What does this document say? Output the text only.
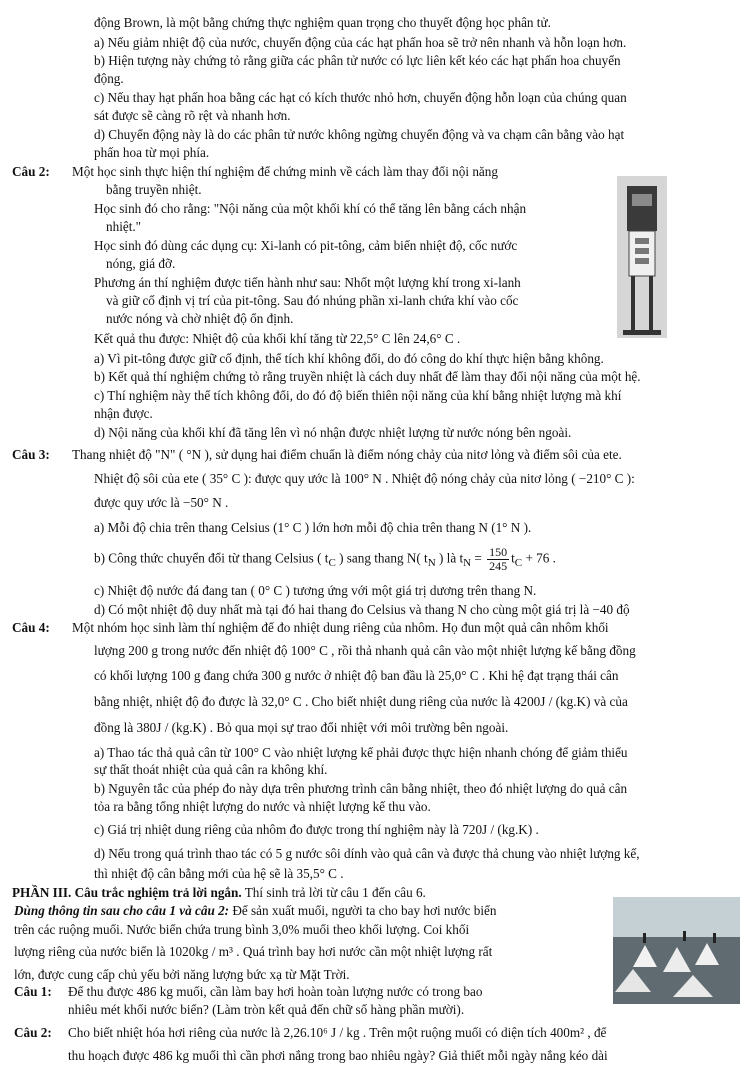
động Brown, là một bằng chứng thực nghiệm quan trọng cho thuyết động học phân tử.
a) Nếu giảm nhiệt độ của nước, chuyển động của các hạt phấn hoa sẽ trở nên nhanh và hỗn loạn hơn.
b) Hiện tượng này chứng tỏ rằng giữa các phân tử nước có lực liên kết kéo các hạt phấn hoa chuyển
động.
c) Nếu thay hạt phấn hoa bằng các hạt có kích thước nhỏ hơn, chuyển động hỗn loạn của chúng quan
sát được sẽ càng rõ rệt và nhanh hơn.
d) Chuyển động này là do các phân tử nước không ngừng chuyển động và va chạm cân bằng vào hạt
phấn hoa từ mọi phía.
Câu 2: Một học sinh thực hiện thí nghiệm để chứng minh về cách làm thay đổi nội năng
bằng truyền nhiệt.
Học sinh đó cho rằng: "Nội năng của một khối khí có thể tăng lên bằng cách nhận
nhiệt."
Học sinh đó dùng các dụng cụ: Xi-lanh có pit-tông, cảm biến nhiệt độ, cốc nước
nóng, giá đỡ.
Phương án thí nghiệm được tiến hành như sau: Nhốt một lượng khí trong xi-lanh
và giữ cố định vị trí của pit-tông. Sau đó nhúng phần xi-lanh chứa khí vào cốc
nước nóng và chờ nhiệt độ ổn định.
Kết quả thu được: Nhiệt độ của khối khí tăng từ 22,5° C lên 24,6° C .
a) Vì pit-tông được giữ cố định, thể tích khí không đổi, do đó công do khí thực hiện bằng không.
b) Kết quả thí nghiệm chứng tỏ rằng truyền nhiệt là cách duy nhất để làm thay đổi nội năng của một hệ.
c) Thí nghiệm này thể tích không đổi, do đó độ biến thiên nội năng của khí bằng nhiệt lượng mà khí
nhận được.
d) Nội năng của khối khí đã tăng lên vì nó nhận được nhiệt lượng từ nước nóng bên ngoài.
Câu 3: Thang nhiệt độ "N" ( °N ), sử dụng hai điểm chuẩn là điểm nóng chảy của nitơ lỏng và điểm sôi của ete.
Nhiệt độ sôi của ete ( 35° C ): được quy ước là 100° N . Nhiệt độ nóng chảy của nitơ lỏng ( −210° C ):
được quy ước là −50° N .
a) Mỗi độ chia trên thang Celsius (1° C ) lớn hơn mỗi độ chia trên thang N (1° N ).
b) Công thức chuyển đổi từ thang Celsius ( $t_C$ ) sang thang N( $t_N$ ) là $t_N = \frac{150}{245} t_C + 76$ .
c) Nhiệt độ nước đá đang tan ( 0° C ) tương ứng với một giá trị dương trên thang N.
d) Có một nhiệt độ duy nhất mà tại đó hai thang đo Celsius và thang N cho cùng một giá trị là −40 độ
Câu 4: Một nhóm học sinh làm thí nghiệm để đo nhiệt dung riêng của nhôm. Họ đun một quả cân nhôm khối
lượng 200 g trong nước đến nhiệt độ 100° C , rồi thả nhanh quả cân vào một nhiệt lượng kế bằng đồng
có khối lượng 100 g đang chứa 300 g nước ở nhiệt độ ban đầu là 25,0° C . Khi hệ đạt trạng thái cân
bằng nhiệt, nhiệt độ đo được là 32,0° C . Cho biết nhiệt dung riêng của nước là 4200J / (kg.K) và của
đồng là 380J / (kg.K) . Bỏ qua mọi sự trao đổi nhiệt với môi trường bên ngoài.
a) Thao tác thả quả cân từ 100° C vào nhiệt lượng kế phải được thực hiện nhanh chóng để giảm thiểu
sự thất thoát nhiệt của quả cân ra không khí.
b) Nguyên tắc của phép đo này dựa trên phương trình cân bằng nhiệt, theo đó nhiệt lượng do quả cân
tỏa ra bằng tổng nhiệt lượng do nước và nhiệt lượng kế thu vào.
c) Giá trị nhiệt dung riêng của nhôm đo được trong thí nghiệm này là 720J / (kg.K) .
d) Nếu trong quá trình thao tác có 5 g nước sôi dính vào quả cân và được thả chung vào nhiệt lượng kế,
thì nhiệt độ cân bằng mới của hệ sẽ là 35,5° C .
PHẦN III. Câu trắc nghiệm trả lời ngắn. Thí sinh trả lời từ câu 1 đến câu 6.
Dùng thông tin sau cho câu 1 và câu 2: Để sản xuất muối, người ta cho bay hơi nước biển
trên các ruộng muối. Nước biển chứa trung bình 3,0% muối theo khối lượng. Coi khối
lượng riêng của nước biển là 1020kg / m³ . Quá trình bay hơi nước cần một nhiệt lượng rất
lớn, được cung cấp chủ yếu bởi năng lượng bức xạ từ Mặt Trời.
Câu 1: Để thu được 486 kg muối, cần làm bay hơi hoàn toàn lượng nước có trong bao
nhiêu mét khối nước biển? (Làm tròn kết quả đến chữ số hàng phần mười).
Câu 2: Cho biết nhiệt hóa hơi riêng của nước là 2,26.10⁶ J / kg . Trên một ruộng muối có diện tích 400m² , để
thu hoạch được 486 kg muối thì cần phơi nắng trong bao nhiêu ngày? Giả thiết mỗi ngày nắng kéo dài
